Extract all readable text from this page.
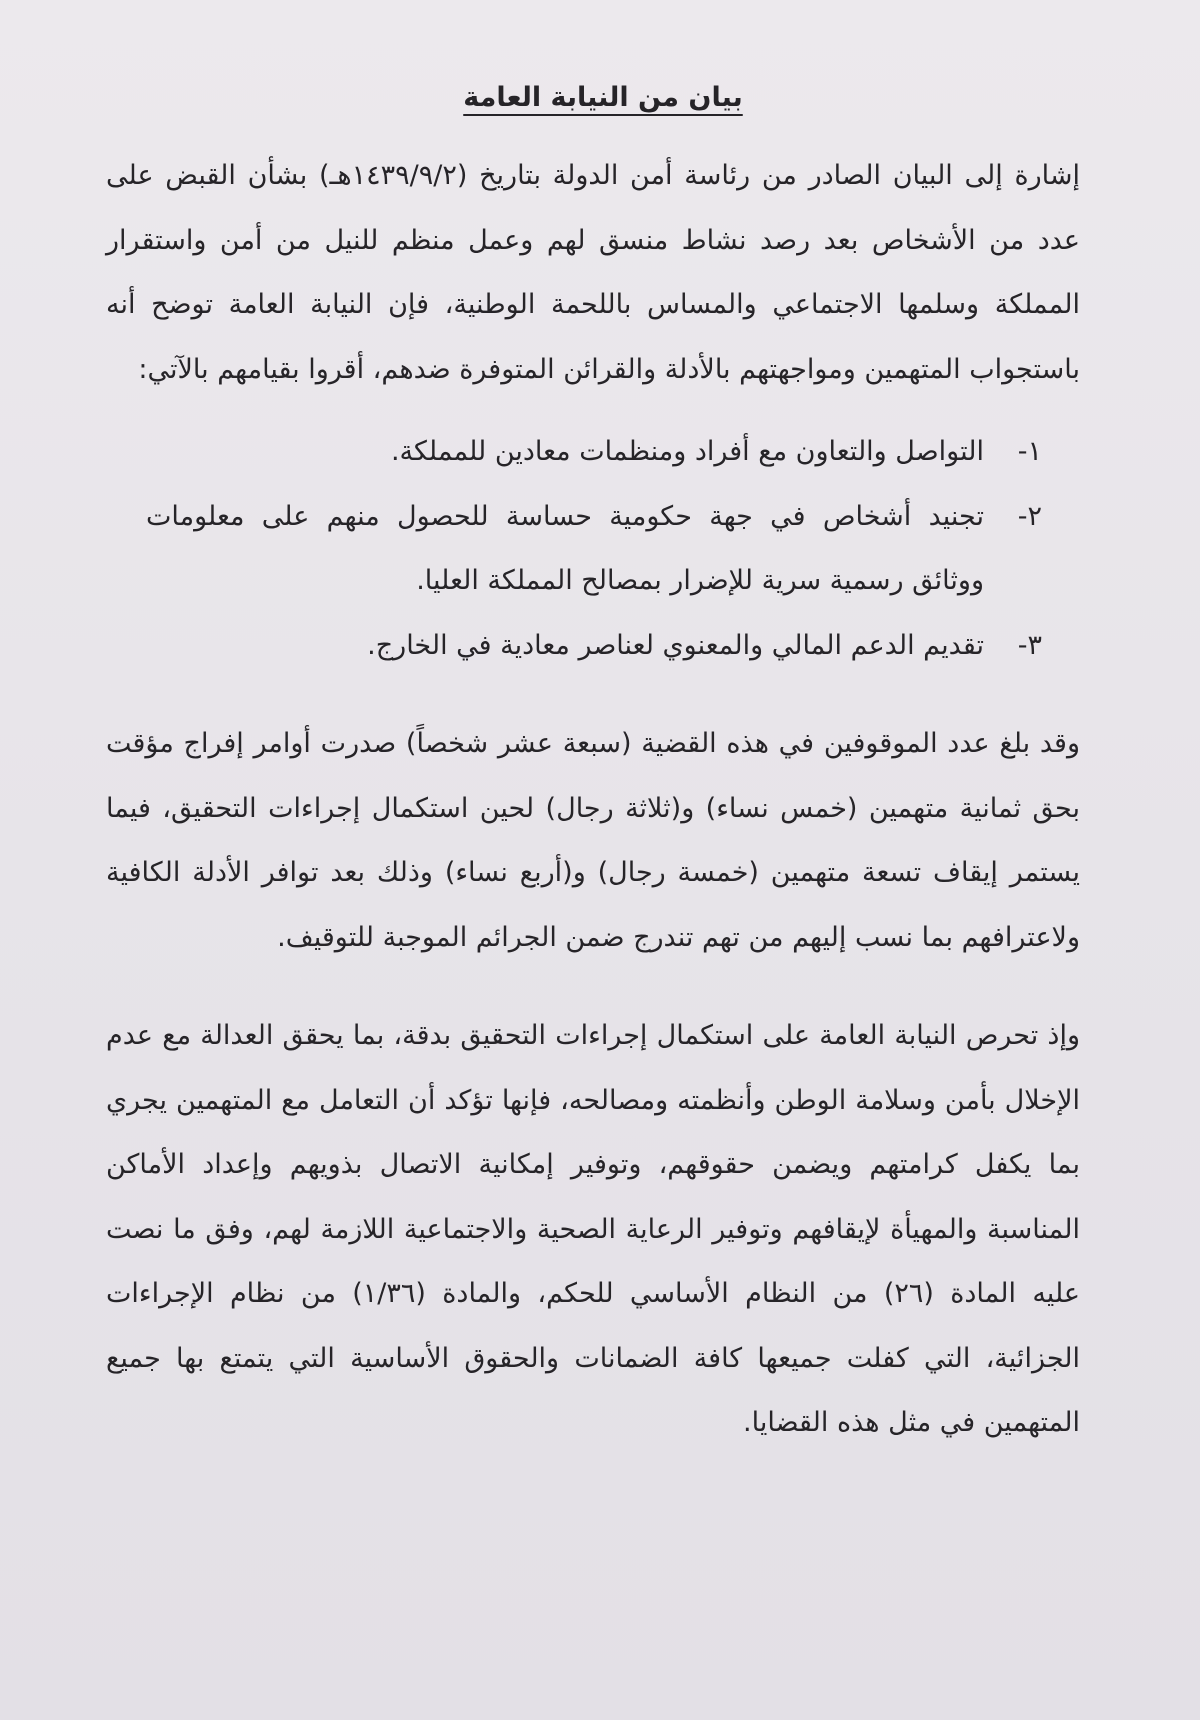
بيان من النيابة العامة

إشارة إلى البيان الصادر من رئاسة أمن الدولة بتاريخ (١٤٣٩/٩/٢هـ) بشأن القبض على عدد من الأشخاص بعد رصد نشاط منسق لهم وعمل منظم للنيل من أمن واستقرار المملكة وسلمها الاجتماعي والمساس باللحمة الوطنية، فإن النيابة العامة توضح أنه باستجواب المتهمين ومواجهتهم بالأدلة والقرائن المتوفرة ضدهم، أقروا بقيامهم بالآتي:

١-
التواصل والتعاون مع أفراد ومنظمات معادين للمملكة.
٢-
تجنيد أشخاص في جهة حكومية حساسة للحصول منهم على معلومات ووثائق رسمية سرية للإضرار بمصالح المملكة العليا.
٣-
تقديم الدعم المالي والمعنوي لعناصر معادية في الخارج.

وقد بلغ عدد الموقوفين في هذه القضية (سبعة عشر شخصاً) صدرت أوامر إفراج مؤقت بحق ثمانية متهمين (خمس نساء) و(ثلاثة رجال) لحين استكمال إجراءات التحقيق، فيما يستمر إيقاف تسعة متهمين (خمسة رجال) و(أربع نساء) وذلك بعد توافر الأدلة الكافية ولاعترافهم بما نسب إليهم من تهم تندرج ضمن الجرائم الموجبة للتوقيف.

وإذ تحرص النيابة العامة على استكمال إجراءات التحقيق بدقة، بما يحقق العدالة مع عدم الإخلال بأمن وسلامة الوطن وأنظمته ومصالحه، فإنها تؤكد أن التعامل مع المتهمين يجري بما يكفل كرامتهم ويضمن حقوقهم، وتوفير إمكانية الاتصال بذويهم وإعداد الأماكن المناسبة والمهيأة لإيقافهم وتوفير الرعاية الصحية والاجتماعية اللازمة لهم، وفق ما نصت عليه المادة (٢٦) من النظام الأساسي للحكم، والمادة (١/٣٦) من نظام الإجراءات الجزائية، التي كفلت جميعها كافة الضمانات والحقوق الأساسية التي يتمتع بها جميع المتهمين في مثل هذه القضايا.
